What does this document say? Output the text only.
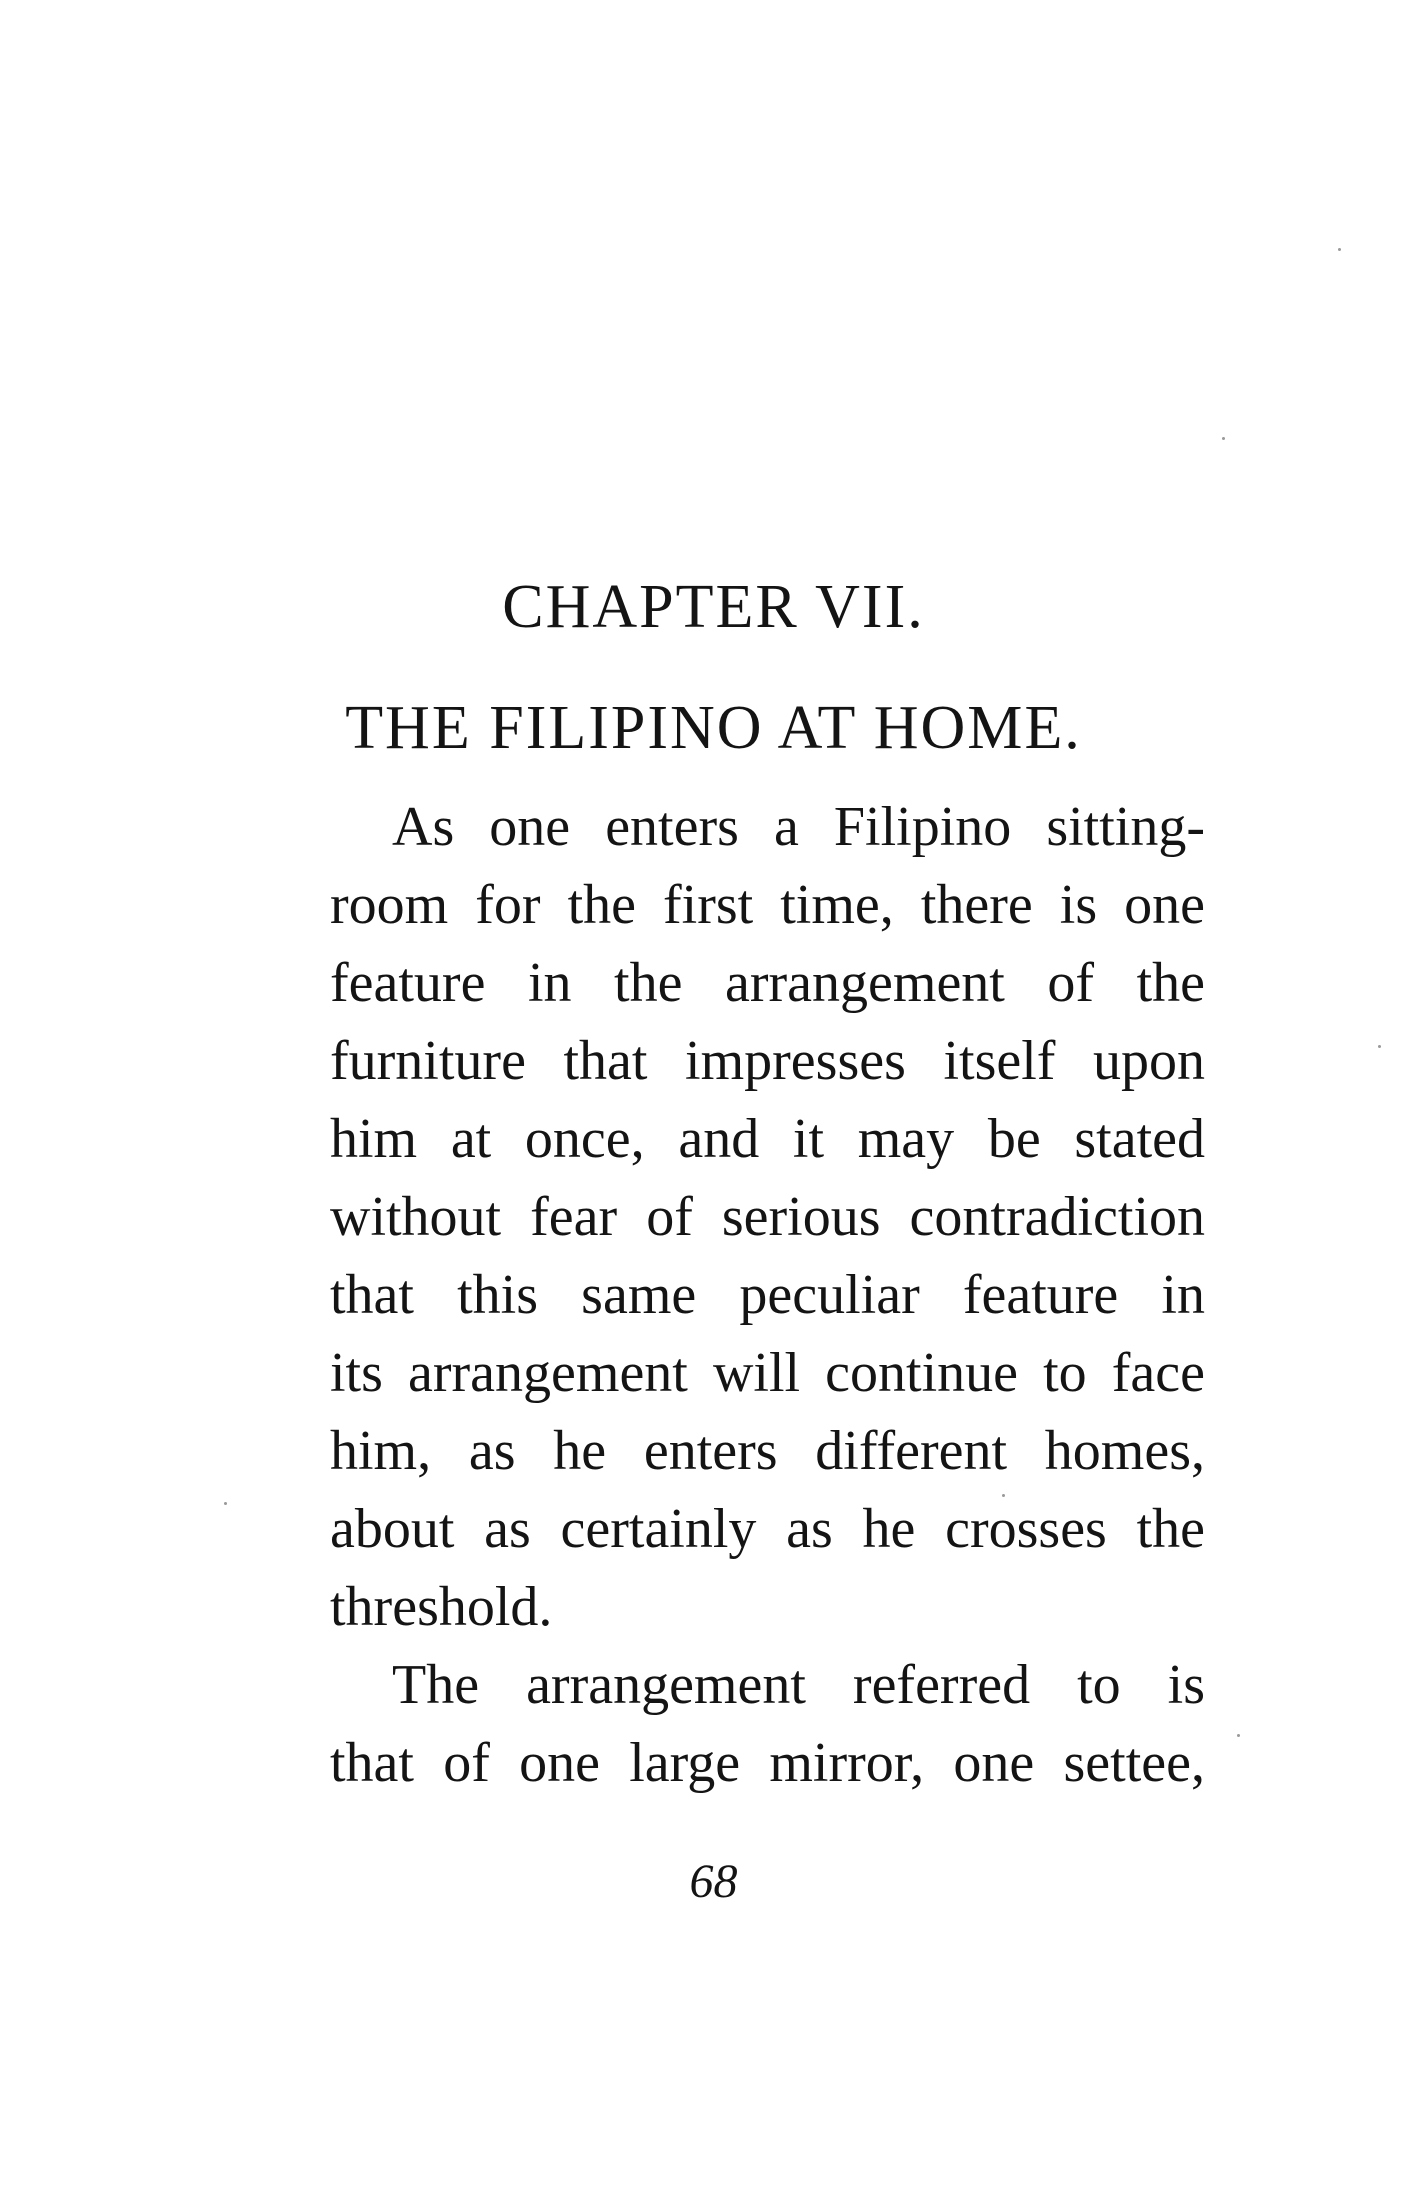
CHAPTER VII.
THE FILIPINO AT HOME.
As one enters a Filipino sitting-
room for the first time, there is one
feature in the arrangement of the
furniture that impresses itself upon
him at once, and it may be stated
without fear of serious contradiction
that this same peculiar feature in
its arrangement will continue to face
him, as he enters different homes,
about as certainly as he crosses the
threshold.
The arrangement referred to is
that of one large mirror, one settee,
68
